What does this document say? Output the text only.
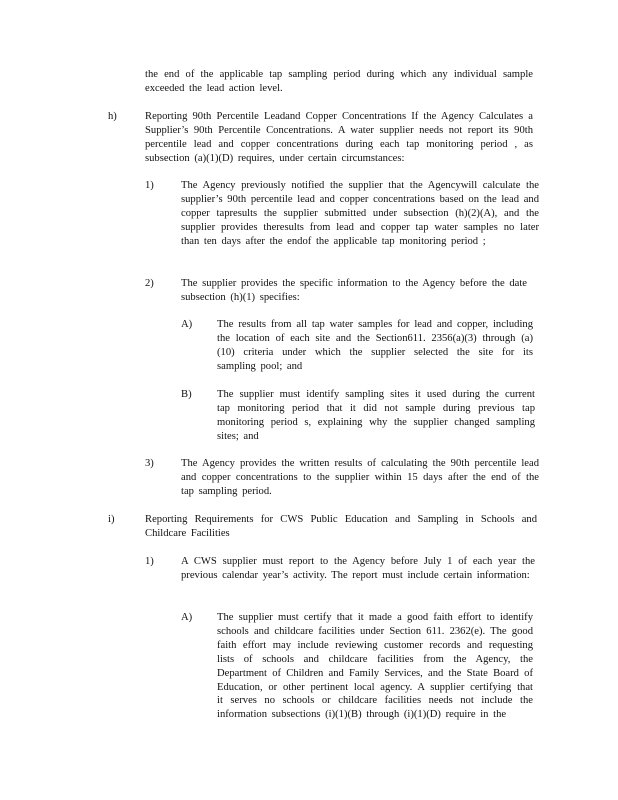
the end of the applicable tap sampling period during which any individual sample exceeded the lead action level.
h)	Reporting 90th Percentile Leadand Copper Concentrations If the Agency Calculates a Supplier’s 90th Percentile Concentrations. A water supplier needs not report its 90th percentile lead and copper concentrations during each tap monitoring period , as subsection (a)(1)(D) requires, under certain circumstances:
1)	The Agency previously notified the supplier that the Agencywill calculate the supplier’s 90th percentile lead and copper concentrations based on the lead and copper tapresults the supplier submitted under subsection (h)(2)(A), and the supplier provides theresults from lead and copper tap water samples no later than ten days after the endof the applicable tap monitoring period ;
2)	The supplier provides the specific information to the Agency before the date subsection (h)(1) specifies:
A) The results from all tap water samples for lead and copper, including the location of each site and the Section611. 2356(a)(3) through (a)(10) criteria under which the supplier selected the site for its sampling pool; and
B) The supplier must identify sampling sites it used during the current tap monitoring period that it did not sample during previous tap monitoring period s, explaining why the supplier changed sampling sites; and
3)	The Agency provides the written results of calculating the 90th percentile lead and copper concentrations to the supplier within 15 days after the end of the tap sampling period.
i)	Reporting Requirements for CWS Public Education and Sampling in Schools and Childcare Facilities
1)	A CWS supplier must report to the Agency before July 1 of each year the previous calendar year’s activity. The report must include certain information:
A) The supplier must certify that it made a good faith effort to identify schools and childcare facilities under Section 611. 2362(e). The good faith effort may include reviewing customer records and requesting lists of schools and childcare facilities from the Agency, the Department of Children and Family Services, and the State Board of Education, or other pertinent local agency. A supplier certifying that it serves no schools or childcare facilities needs not include the information subsections (i)(1)(B) through (i)(1)(D) require in the
